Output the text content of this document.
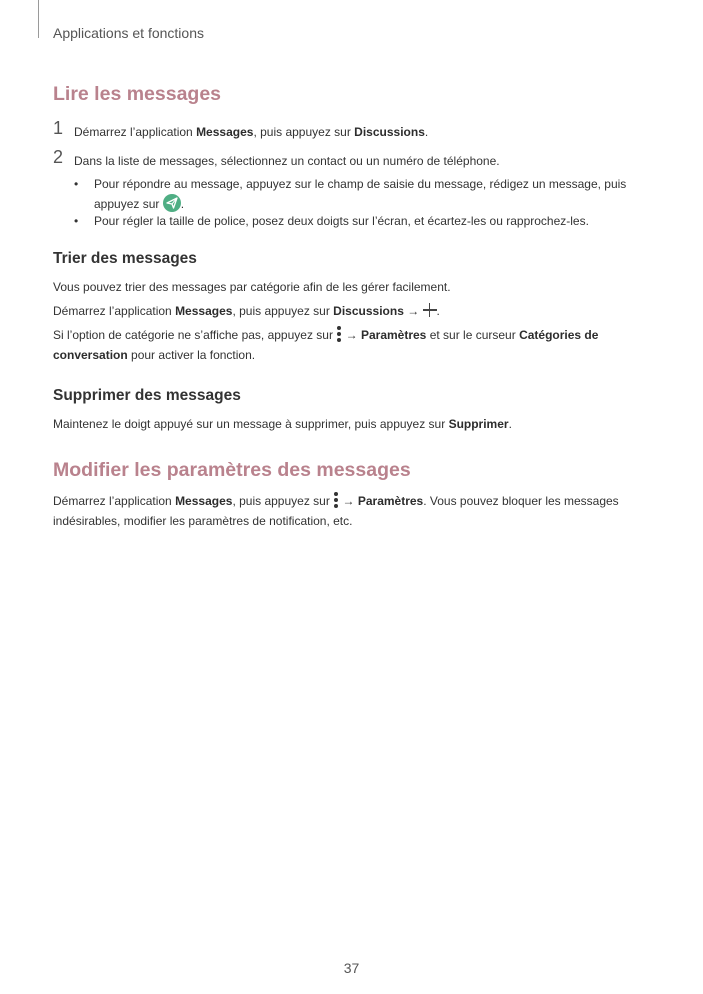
Applications et fonctions
Lire les messages
1 Démarrez l’application Messages, puis appuyez sur Discussions.
2 Dans la liste de messages, sélectionnez un contact ou un numéro de téléphone.
• Pour répondre au message, appuyez sur le champ de saisie du message, rédigez un message, puis appuyez sur .
• Pour régler la taille de police, posez deux doigts sur l’écran, et écartez-les ou rapprochez-les.
Trier des messages
Vous pouvez trier des messages par catégorie afin de les gérer facilement.
Démarrez l’application Messages, puis appuyez sur Discussions → .
Si l’option de catégorie ne s’affiche pas, appuyez sur
→ Paramètres et sur le curseur Catégories de conversation pour activer la fonction.
Supprimer des messages
Maintenez le doigt appuyé sur un message à supprimer, puis appuyez sur Supprimer.
Modifier les paramètres des messages
Démarrez l’application Messages, puis appuyez sur
→ Paramètres. Vous pouvez bloquer les messages indésirables, modifier les paramètres de notification, etc.
37
